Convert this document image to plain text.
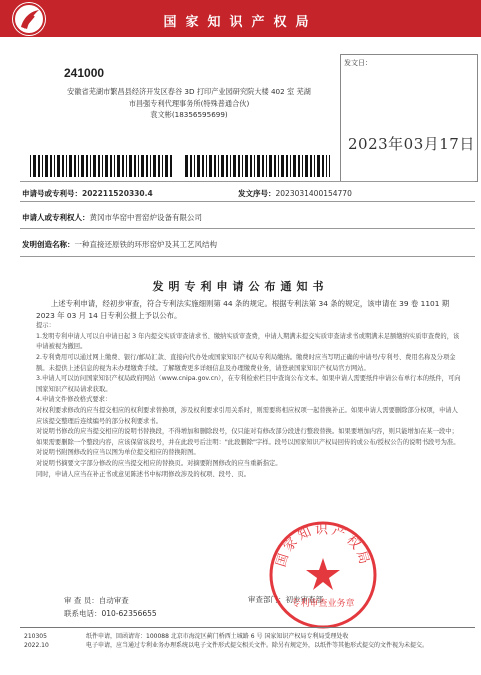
国家知识产权局
241000
安徽省芜湖市繁昌县经济开发区春谷 3D 打印产业园研究院大楼 402 室 芜湖市昌强专利代理事务所(特殊普通合伙)
袁文彬(18356595699)
发文日：
2023年03月17日
申请号或专利号：202211520330.4	发文序号：2023031400154770
申请人或专利权人：黄冈市华窑中晋窑炉设备有限公司
发明创造名称：一种直接还原铁的环形窑炉及其工艺风结构
发明专利申请公布通知书

上述专利申请，经初步审查，符合专利法实施细则第 44 条的规定。根据专利法第 34 条的规定，该申请在 39 卷 1101 期 2023 年 03 月 14 日专利公报上予以公布。

提示：

1.发明专利申请人可以自申请日起 3 年内提交实质审查请求书、缴纳实质审查费，申请人期满未提交实质审查请求书或期满未足额缴纳实质审查费的，该申请被视为撤回。

2.专利费用可以通过网上缴费、银行/邮局汇款、直接向代办处或国家知识产权局专利局缴纳。缴费时应当写明正确的申请号/专利号、费用名称及分项金额。未提供上述信息的视为未办理缴费手续。了解缴费更多详细信息及办理缴费业务，请登录国家知识产权局官方网站。

3.申请人可以访问国家知识产权局政府网站（www.cnipa.gov.cn），在专利检索栏目中查询公布文本。如果申请人需要纸件申请公布单行本的纸件，可向国家知识产权局请求获取。

4.申请文件修改格式要求：

对权利要求修改的应当提交相应的权利要求替换项，涉及权利要求引用关系时，则需要将相应权项一起替换补正。如果申请人需要删除部分权项，申请人应该提交整理后连续编号的部分权利要求书。

对说明书修改的应当提交相应的说明书替换段，不得增加和删除段号，仅只能对有修改部分段进行整段替换。如果要增加内容，则只能增加在某一段中；如果需要删除一个整段内容，应该保留该段号，并在此段号后注明："此段删除"字样。段号以国家知识产权局回传的或公布/授权公告的说明书段号为准。

对说明书附图修改的应当以图为单位提交相应的替换附图。

对说明书摘要文字部分修改的应当提交相应的替换页。对摘要附图修改的应当重新指定。

同时，申请人应当在补正书或意见陈述书中标明修改涉及的权项、段号、页。

审 查 员：自动审查
联系电话：010-62356655
审查部门：初步审查部
国家知识产权局
专利审查业务章
210305
2022.10
纸件申请，回函请寄：100088 北京市海淀区蓟门桥西土城路 6 号 国家知识产权局专利局受理处收
电子申请，应当通过专利业务办理系统以电子文件形式提交相关文件。除另有规定外，以纸件等其他形式提交的文件视为未提交。
